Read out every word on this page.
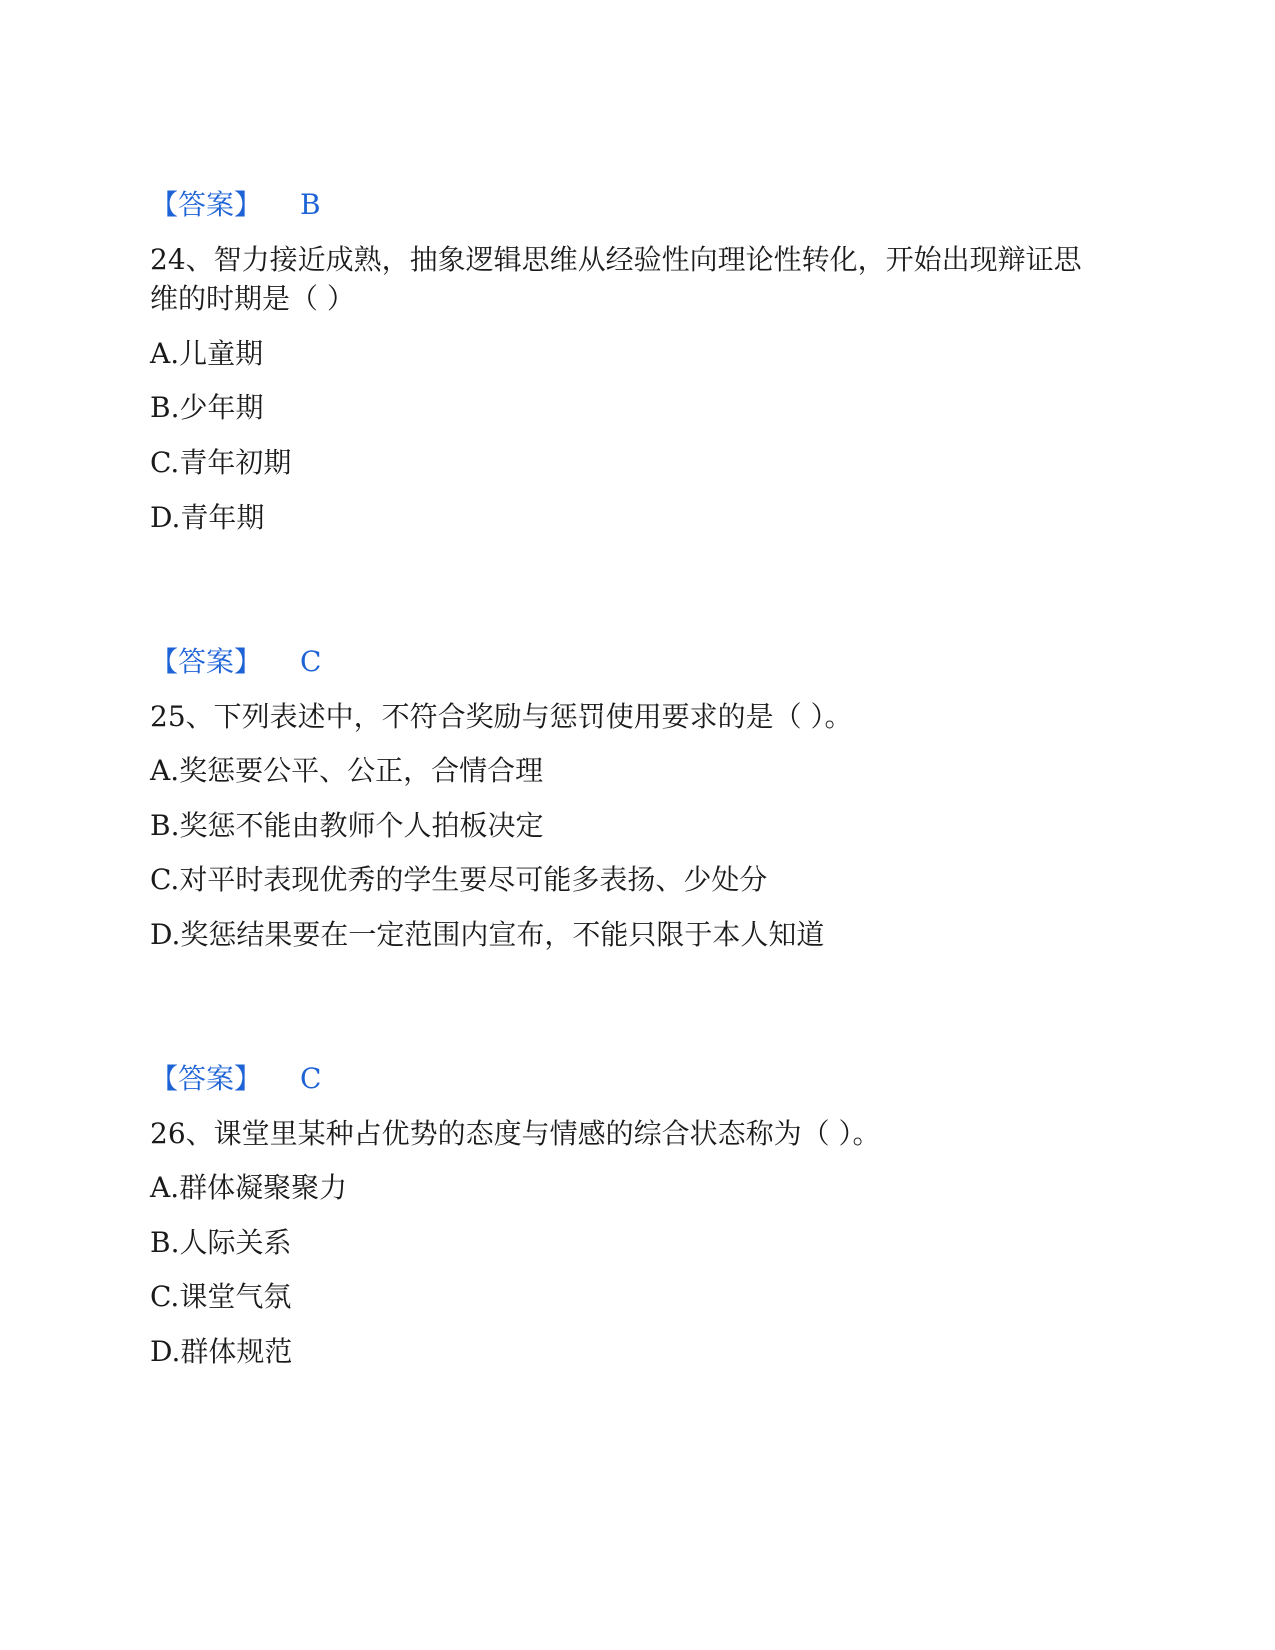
【答案】 B
24、智力接近成熟，抽象逻辑思维从经验性向理论性转化，开始出现辩证思
维的时期是（ ）
A.儿童期
B.少年期
C.青年初期
D.青年期
【答案】 C
25、下列表述中，不符合奖励与惩罚使用要求的是（ ）。
A.奖惩要公平、公正，合情合理
B.奖惩不能由教师个人拍板决定
C.对平时表现优秀的学生要尽可能多表扬、少处分
D.奖惩结果要在一定范围内宣布，不能只限于本人知道
【答案】 C
26、课堂里某种占优势的态度与情感的综合状态称为（ ）。
A.群体凝聚聚力
B.人际关系
C.课堂气氛
D.群体规范
